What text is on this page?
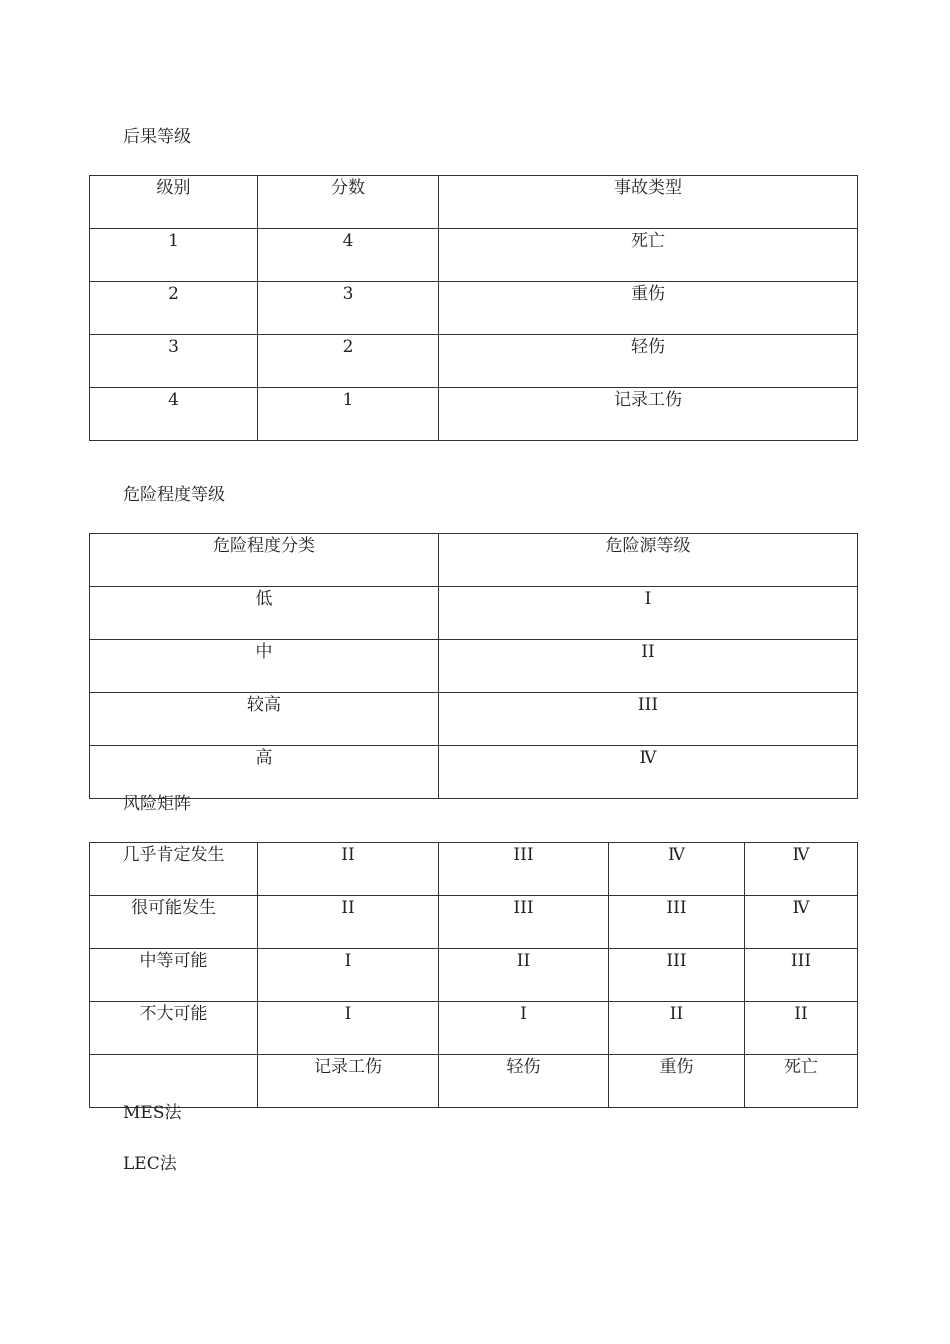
后果等级
级别	分数	事故类型
1	4	死亡
2	3	重伤
3	2	轻伤
4	1	记录工伤
危险程度等级
危险程度分类	危险源等级
低	I
中	II
较高	III
高	Ⅳ
风险矩阵
几乎肯定发生	II	III	Ⅳ	Ⅳ
很可能发生	II	III	III	Ⅳ
中等可能	I	II	III	III
不大可能	I	I	II	II
	记录工伤	轻伤	重伤	死亡
MES法
LEC法
